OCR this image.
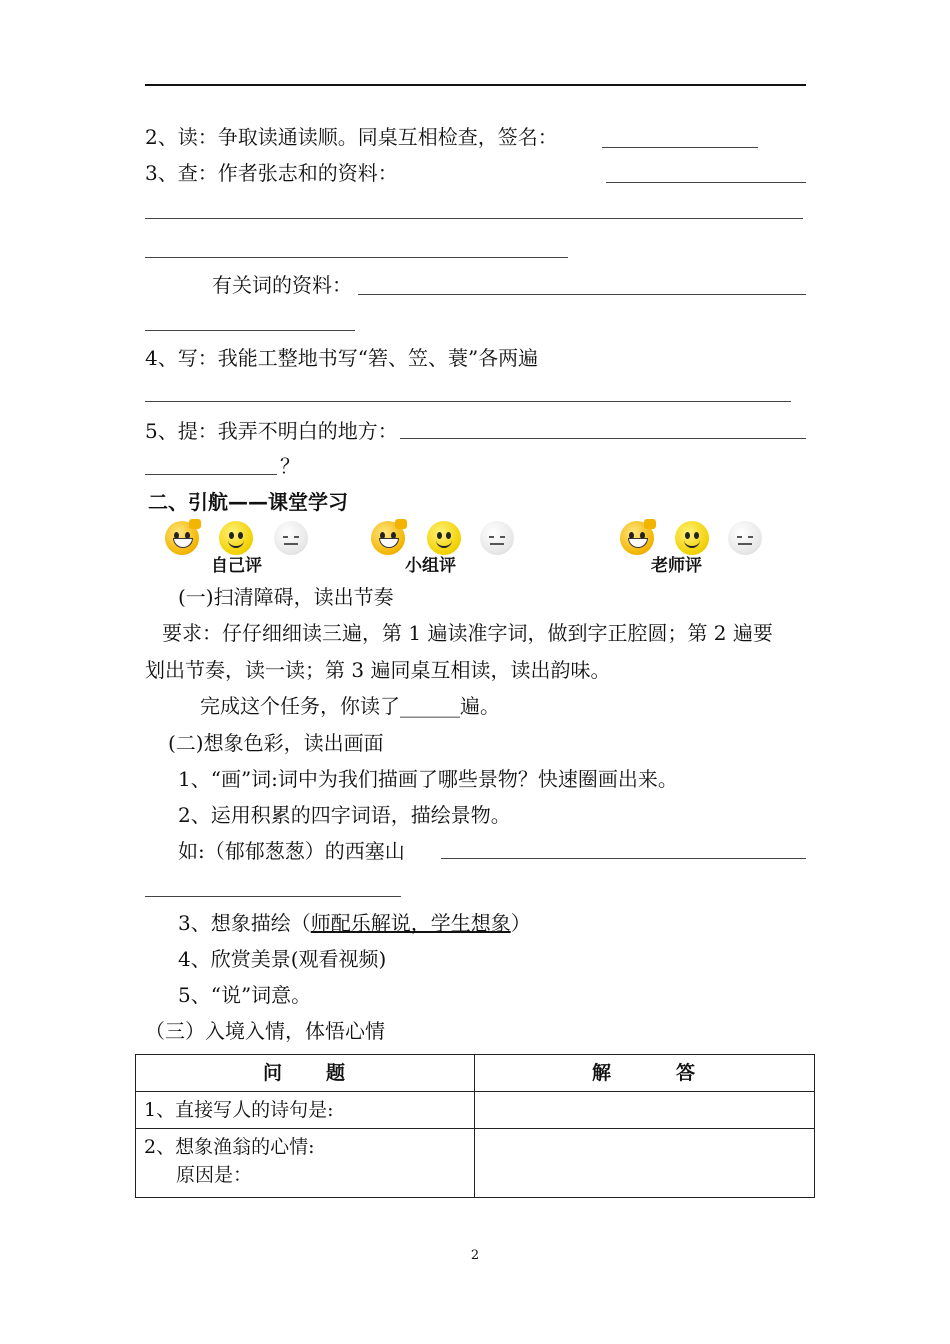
2、读：争取读通读顺。同桌互相检查，签名：
3、查：作者张志和的资料：
有关词的资料：
4、写：我能工整地书写“箬、笠、蓑”各两遍
5、提：我弄不明白的地方：
？
二、引航——课堂学习
自己评	小组评	老师评
(一)扫清障碍，读出节奏
要求：仔仔细细读三遍，第 1 遍读准字词，做到字正腔圆；第 2 遍要
划出节奏，读一读；第 3 遍同桌互相读，读出韵味。
完成这个任务，你读了______遍。
(二)想象色彩，读出画面
1、“画”词:词中为我们描画了哪些景物？快速圈画出来。
2、运用积累的四字词语，描绘景物。
如:（郁郁葱葱）的西塞山
3、想象描绘（师配乐解说，学生想象）
4、欣赏美景(观看视频)
5、“说”词意。
（三）入境入情，体悟心情
问　　题	解　　　答
1、直接写人的诗句是:	

2、想象渔翁的心情:
原因是：	

2
